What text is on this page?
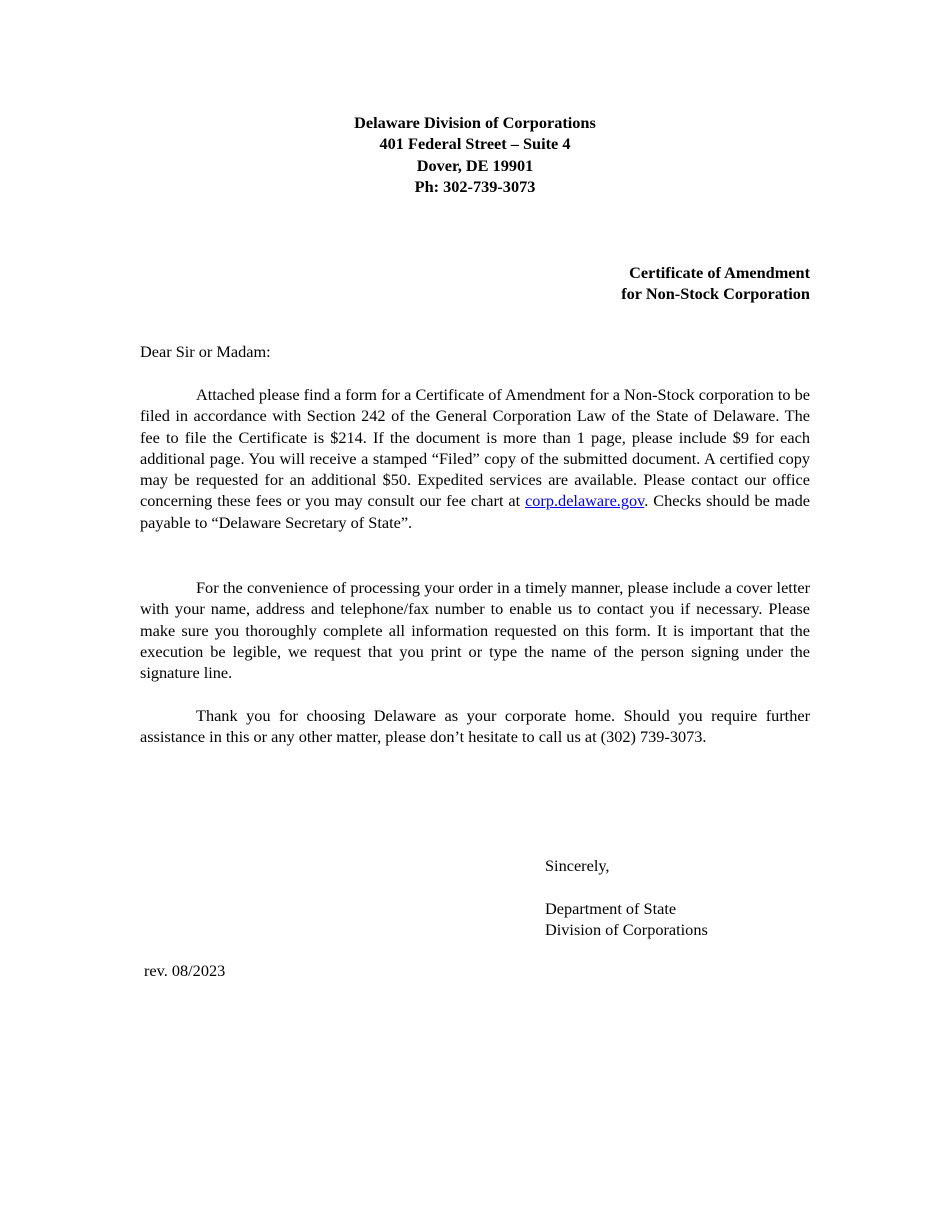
Delaware Division of Corporations
401 Federal Street – Suite 4
Dover, DE 19901
Ph: 302-739-3073
Certificate of Amendment
for Non-Stock Corporation
Dear Sir or Madam:

Attached please find a form for a Certificate of Amendment for a Non-Stock corporation to be filed in accordance with Section 242 of the General Corporation Law of the State of Delaware. The fee to file the Certificate is $214. If the document is more than 1 page, please include $9 for each additional page. You will receive a stamped “Filed” copy of the submitted document. A certified copy may be requested for an additional $50. Expedited services are available. Please contact our office concerning these fees or you may consult our fee chart at corp.delaware.gov. Checks should be made payable to “Delaware Secretary of State”.

For the convenience of processing your order in a timely manner, please include a cover letter with your name, address and telephone/fax number to enable us to contact you if necessary. Please make sure you thoroughly complete all information requested on this form. It is important that the execution be legible, we request that you print or type the name of the person signing under the signature line.

Thank you for choosing Delaware as your corporate home. Should you require further assistance in this or any other matter, please don’t hesitate to call us at (302) 739-3073.

Sincerely,
Department of State
Division of Corporations
rev. 08/2023
